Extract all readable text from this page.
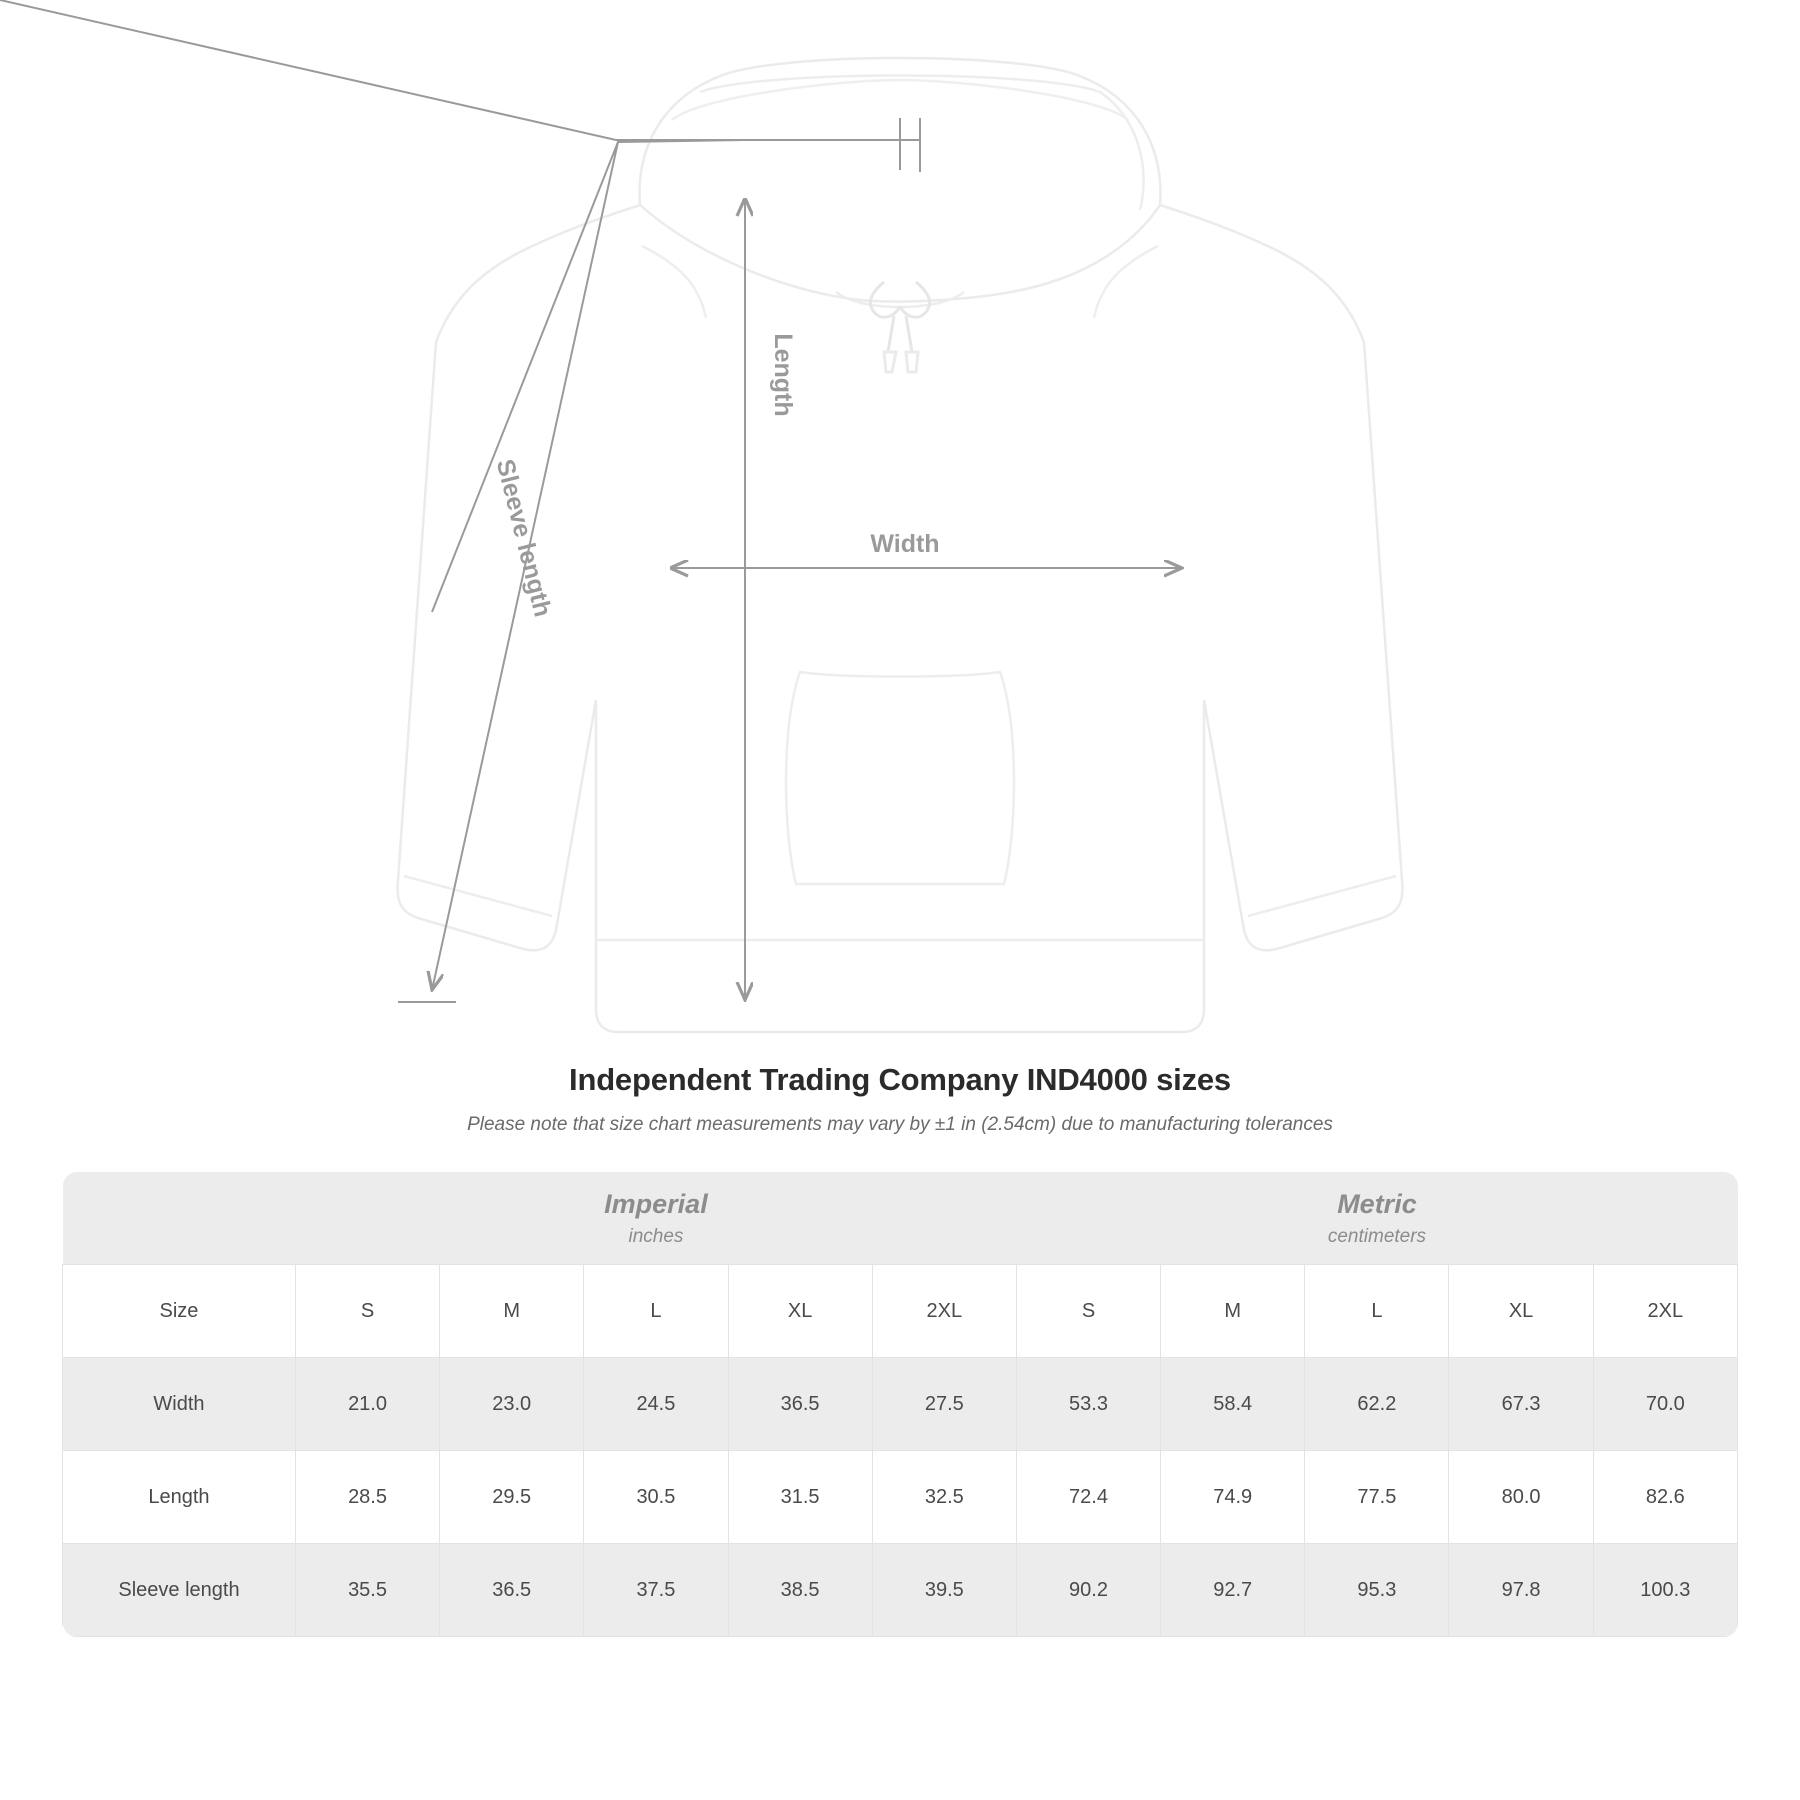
Length
Width
Sleeve length
Independent Trading Company IND4000 sizes
Please note that size chart measurements may vary by ±1 in (2.54cm) due to manufacturing tolerances

Imperial
inches

Metric
centimeters

Size	S	M	L	XL	2XL	S	M	L	XL	2XL
Width	21.0	23.0	24.5	36.5	27.5	53.3	58.4	62.2	67.3	70.0
Length	28.5	29.5	30.5	31.5	32.5	72.4	74.9	77.5	80.0	82.6
Sleeve length	35.5	36.5	37.5	38.5	39.5	90.2	92.7	95.3	97.8	100.3
